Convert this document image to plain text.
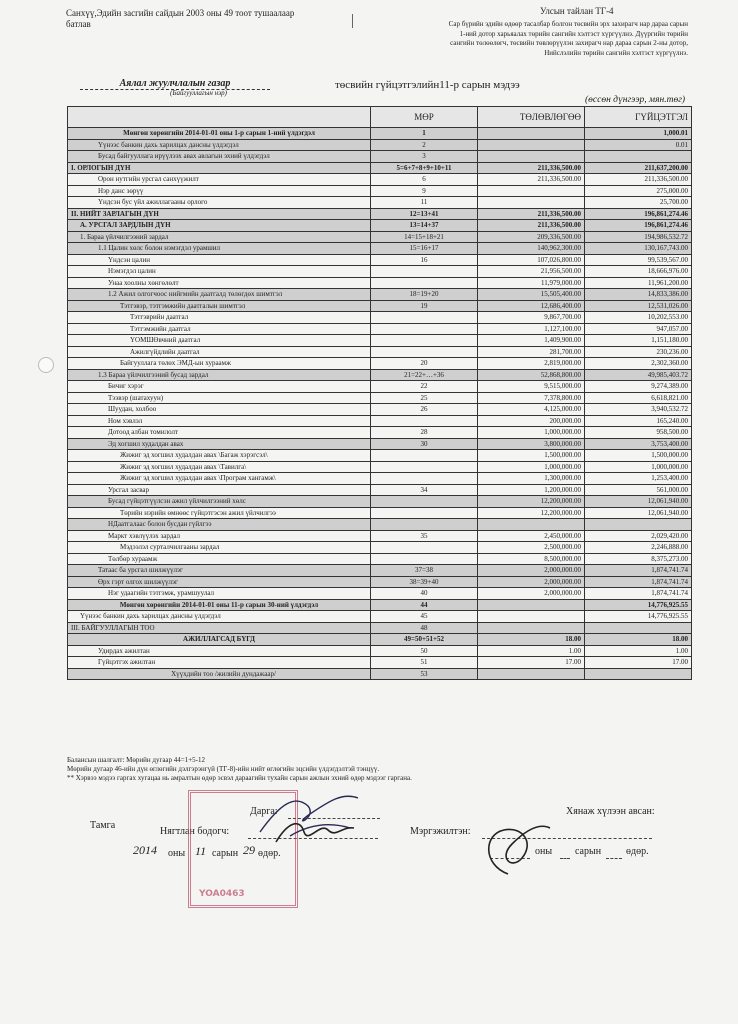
Санхүү,Эдийн засгийн сайдын 2003 оны 49 тоот тушаалаар
батлав
Улсын тайлан ТГ-4
Сар бүрийн эдийн өдөөр тасалбар болгон төсвийн эрх захирагч нар дараа сарын
1-ний дотор харьяалах төрийн сангийн хэлтэст хүргүүлнэ. Дүүргийн төрийн
сангийн төлөөлөгч, төсвийн төвлөрүүлэн захирагч нар дараа сарын 2-ны дотор,
Нийслэлийн төрийн сангийн хэлтэст хүргүүлнэ.
Аялал жуулчлалын газар
(Байгууллагын нэр)
төсвийн гүйцэтгэлийн11-р сарын мэдээ
(өссөн дүнгээр, мян.төг)
	МӨР	ТӨЛӨВЛӨГӨӨ	ГҮЙЦЭТГЭЛ
Мөнгөн хөрөнгийн 2014-01-01 оны 1-р сарын 1-ний үлдэгдэл	1		1,000.01
Үүнээс банкин дахь харилцах дансны үлдэгдэл	2		0.01
Бусад байгууллага ирүүлээх авах авлагын эхний үлдэгдэл	3		
I. ОРЛОГЫН ДҮН	5=6+7+8+9+10+11	211,336,500.00	211,637,200.00
Орон нутгийн урсгал санхүүжилт	6	211,336,500.00	211,336,500.00
Нэр данс зөрүү	9		275,000.00
Үндсэн бус үйл ажиллагааны орлого	11		25,700.00
II. НИЙТ ЗАРЛАГЫН ДҮН	12=13+41	211,336,500.00	196,861,274.46
А. УРСГАЛ ЗАРДЛЫН ДҮН	13=14+37	211,336,500.00	196,861,274.46
1. Бараа үйлчилгээний зардал	14=15+18+21	209,336,500.00	194,986,532.72
1.1 Цалин хөлс болон нэмэгдэл урамшил	15=16+17	140,962,300.00	130,167,743.00
Үндсэн цалин	16	107,026,800.00	99,539,567.00
Нэмэгдэл цалин		21,956,500.00	18,666,976.00
Унаа хоолны хөнгөлөлт		11,979,000.00	11,961,200.00
1.2 Ажил олгогчоос нийгмийн даатгалд төлөгдөх шимтгэл	18=19+20	15,505,400.00	14,833,386.00
Тэтгэвэр, тэтгэмжийн даатгалын шимтгэл	19	12,686,400.00	12,531,026.00
Тэтгэврийн даатгал		9,867,700.00	10,202,553.00
Тэтгэмжийн даатгал		1,127,100.00	947,057.00
ҮОМШӨвчний даатгал		1,409,900.00	1,151,180.00
Ажилгүйдлийн даатгал		281,700.00	230,236.00
Байгууллага төлөх ЭМД-ын хураамж	20	2,819,000.00	2,302,360.00
1.3 Бараа үйлчилгээний бусад зардал	21=22+…+36	52,868,800.00	49,985,403.72
Бичиг хэрэг	22	9,515,000.00	9,274,389.00
Тээвэр (шатахуун)	25	7,378,800.00	6,618,821.00
Шуудан, холбоо	26	4,125,000.00	3,940,532.72
Ном хэвлэл		200,000.00	165,240.00
Дотоод албан томилолт	28	1,000,000.00	958,500.00
Эд хогшил худалдан авах	30	3,800,000.00	3,753,400.00
Жижиг эд хогшил худалдан авах \Багаж хэрэгсэл\		1,500,000.00	1,500,000.00
Жижиг эд хогшил худалдан авах \Тавилга\		1,000,000.00	1,000,000.00
Жижиг эд хогшил худалдан авах \Програм хангамж\		1,300,000.00	1,253,400.00
Урсгал засвар	34	1,200,000.00	561,000.00
Бусад гүйцэтгүүлсэн ажил үйлчилгээний хөлс		12,200,000.00	12,061,940.00
Төрийн нэрийн өмнөөс гүйцэтгэсэн ажил үйлчилгээ		12,200,000.00	12,061,940.00
НДаатгалаас болон бусдан гүйлгээ			
Маркт хэвлүүлэх зардал	35	2,450,000.00	2,029,420.00
Мэдээлэл сурталчилгааны зардал		2,500,000.00	2,246,888.00
Төлбөр хураамж		8,500,000.00	8,375,273.00
Татаас ба урсгал шилжүүлэг	37=38	2,000,000.00	1,874,741.74
Өрх гэрт олгох шилжүүлэг	38=39+40	2,000,000.00	1,874,741.74
Нэг удаагийн тэтгэмж, урамшуулал	40	2,000,000.00	1,874,741.74
Мөнгөн хөрөнгийн 2014-01-01 оны 11-р сарын 30-ний үлдэгдэл	44		14,776,925.55
Үүнээс банкин дахь харилцах дансны үлдэгдэл	45		14,776,925.55
III. БАЙГУУЛЛАГЫН ТОО	48		
АЖИЛЛАГСАД БҮГД	49=50+51+52	18.00	18.00
Удирдах ажилтан	50	1.00	1.00
Гүйцэтгэх ажилтан	51	17.00	17.00
Хүүхдийн тоо /жилийн дундажаар/	53		
Балансын шалгалт: Мөрийн дугаар 44=1+5-12
Мөрийн дугаар 46-ийн дүн өглөгийн дэлгэрэнгүй (ТГ-8)-ийн нийт өглөгийн эцсийн үлдэгдэлтэй тэнцүү.
** Хэрвээ мэдээ гаргах хугацаа нь амралтын өдөр эсвэл дараагийн тухайн сарын ажлын эхний өдөр мэдээг гаргана.
Дарга:
Тамга
Нягтлан бодогч:
2014 оны 11 сарын 29 өдөр.
Хянаж хүлээн авсан:
Мэргэжилтэн:
оны сарын өдөр.
YOA0463
